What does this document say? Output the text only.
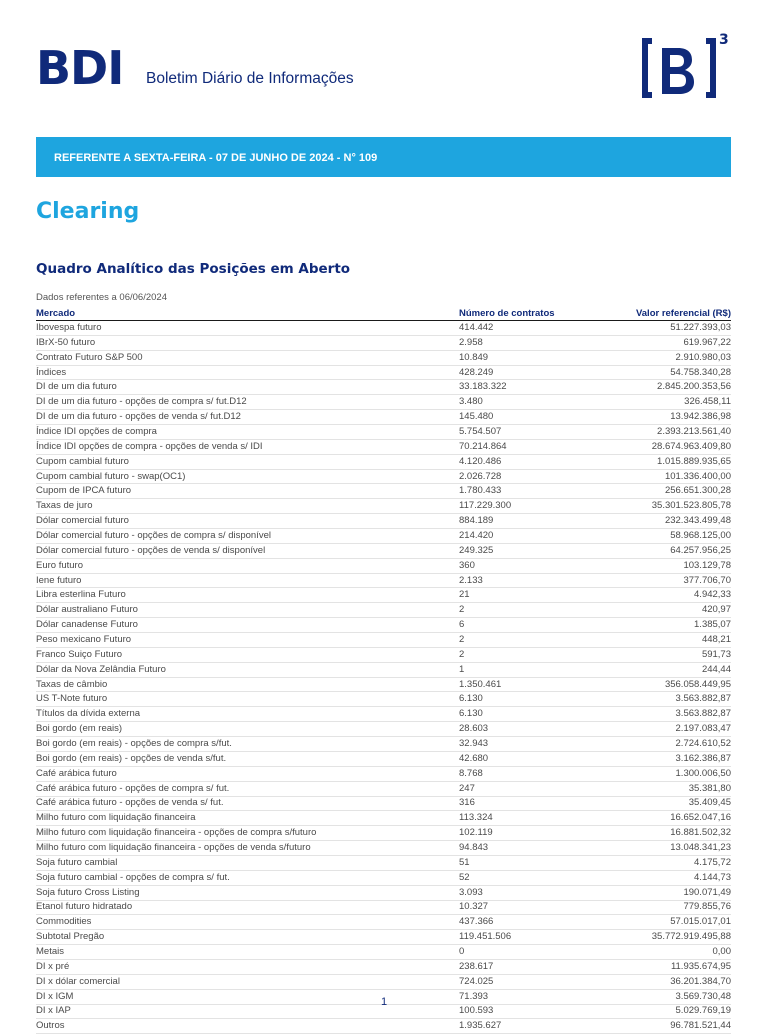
BDI Boletim Diário de Informações
3
REFERENTE A SEXTA-FEIRA - 07 DE JUNHO DE 2024 - N° 109
Clearing
Quadro Analítico das Posições em Aberto
Dados referentes a 06/06/2024
Mercado	Número de contratos	Valor referencial (R$)
Ibovespa futuro	414.442	51.227.393,03
IBrX-50 futuro	2.958	619.967,22
Contrato Futuro S&P 500	10.849	2.910.980,03
Índices	428.249	54.758.340,28
DI de um dia futuro	33.183.322	2.845.200.353,56
DI de um dia futuro - opções de compra s/ fut.D12	3.480	326.458,11
DI de um dia futuro - opções de venda s/ fut.D12	145.480	13.942.386,98
Índice IDI opções de compra	5.754.507	2.393.213.561,40
Índice IDI opções de compra - opções de venda s/ IDI	70.214.864	28.674.963.409,80
Cupom cambial futuro	4.120.486	1.015.889.935,65
Cupom cambial futuro - swap(OC1)	2.026.728	101.336.400,00
Cupom de IPCA futuro	1.780.433	256.651.300,28
Taxas de juro	117.229.300	35.301.523.805,78
Dólar comercial futuro	884.189	232.343.499,48
Dólar comercial futuro - opções de compra s/ disponível	214.420	58.968.125,00
Dólar comercial futuro - opções de venda s/ disponível	249.325	64.257.956,25
Euro futuro	360	103.129,78
Iene futuro	2.133	377.706,70
Libra esterlina Futuro	21	4.942,33
Dólar australiano Futuro	2	420,97
Dólar canadense Futuro	6	1.385,07
Peso mexicano Futuro	2	448,21
Franco Suiço Futuro	2	591,73
Dólar da Nova Zelândia Futuro	1	244,44
Taxas de câmbio	1.350.461	356.058.449,95
US T-Note futuro	6.130	3.563.882,87
Títulos da dívida externa	6.130	3.563.882,87
Boi gordo (em reais)	28.603	2.197.083,47
Boi gordo (em reais) - opções de compra s/fut.	32.943	2.724.610,52
Boi gordo (em reais) - opções de venda s/fut.	42.680	3.162.386,87
Café arábica futuro	8.768	1.300.006,50
Café arábica futuro - opções de compra s/ fut.	247	35.381,80
Café arábica futuro - opções de venda s/ fut.	316	35.409,45
Milho futuro com liquidação financeira	113.324	16.652.047,16
Milho futuro com liquidação financeira - opções de compra s/futuro	102.119	16.881.502,32
Milho futuro com liquidação financeira - opções de venda s/futuro	94.843	13.048.341,23
Soja futuro cambial	51	4.175,72
Soja futuro cambial - opções de compra s/ fut.	52	4.144,73
Soja futuro Cross Listing	3.093	190.071,49
Etanol futuro hidratado	10.327	779.855,76
Commodities	437.366	57.015.017,01
Subtotal Pregão	119.451.506	35.772.919.495,88
Metais	0	0,00
DI x pré	238.617	11.935.674,95
DI x dólar comercial	724.025	36.201.384,70
DI x IGM	71.393	3.569.730,48
DI x IAP	100.593	5.029.769,19
Outros	1.935.627	96.781.521,44
1
